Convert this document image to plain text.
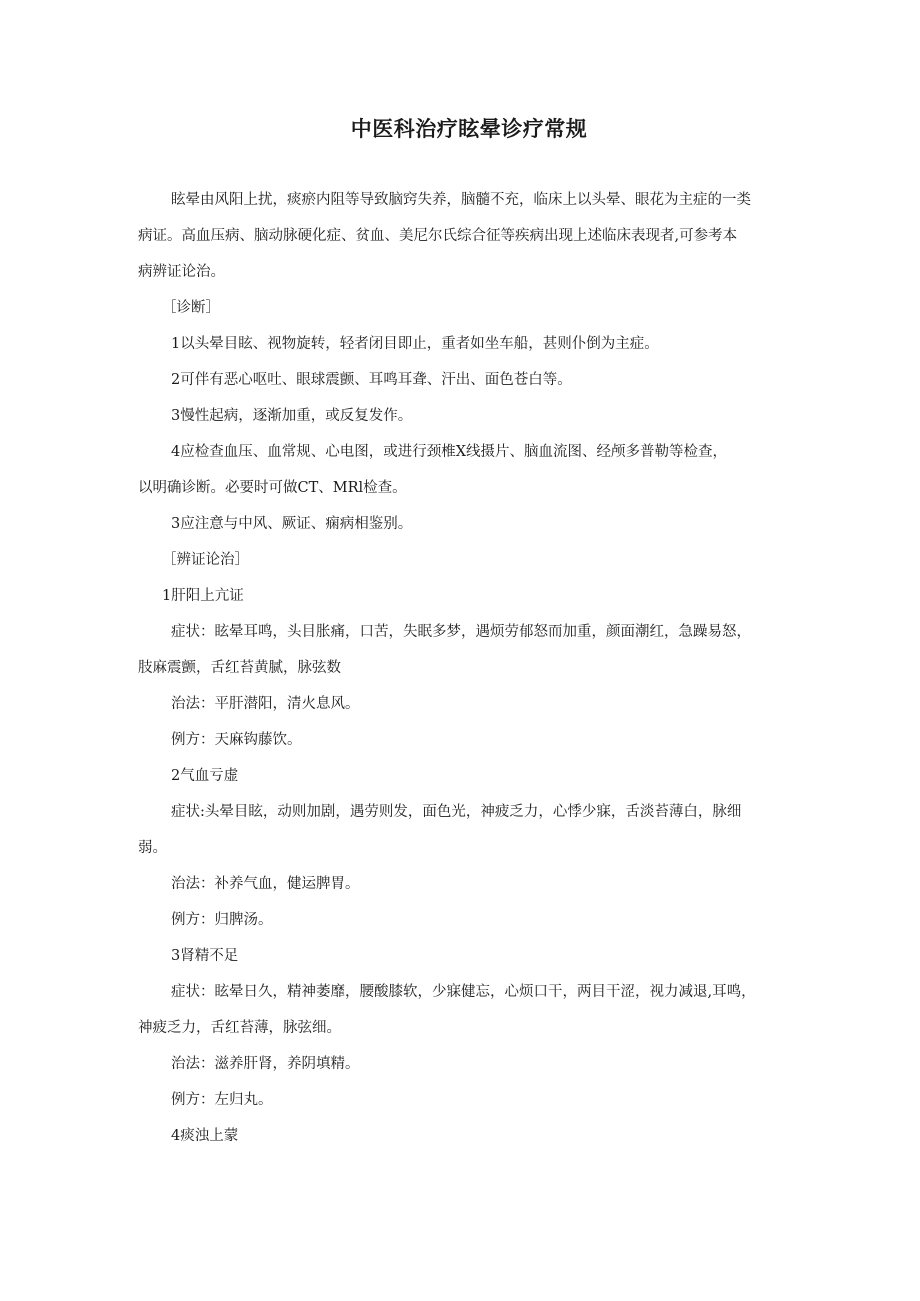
中医科治疗眩晕诊疗常规

眩晕由风阳上扰，痰瘀内阻等导致脑窍失养，脑髓不充，临床上以头晕、眼花为主症的一类
病证。高血压病、脑动脉硬化症、贫血、美尼尔氏综合征等疾病出现上述临床表现者,可参考本
病辨证论治。

［诊断］

1以头晕目眩、视物旋转，轻者闭目即止，重者如坐车船，甚则仆倒为主症。

2可伴有恶心呕吐、眼球震颤、耳鸣耳聋、汗出、面色苍白等。

3慢性起病，逐渐加重，或反复发作。

4应检查血压、血常规、心电图，或进行颈椎X线摄片、脑血流图、经颅多普勒等检查，
以明确诊断。必要时可做CT、MRl检查。

3应注意与中风、厥证、痫病相鉴别。

［辨证论治］

1肝阳上亢证

症状：眩晕耳鸣，头目胀痛，口苦，失眠多梦，遇烦劳郁怒而加重，颜面潮红，急躁易怒，
肢麻震颤，舌红苔黄腻，脉弦数

治法：平肝潜阳，清火息风。

例方：天麻钩藤饮。

2气血亏虚

症状:头晕目眩，动则加剧，遇劳则发，面色光，神疲乏力，心悸少寐，舌淡苔薄白，脉细
弱。

治法：补养气血，健运脾胃。

例方：归脾汤。

3肾精不足

症状：眩晕日久，精神萎靡，腰酸膝软，少寐健忘，心烦口干，两目干涩，视力减退,耳鸣，
神疲乏力，舌红苔薄，脉弦细。

治法：滋养肝肾，养阴填精。

例方：左归丸。

4痰浊上蒙
